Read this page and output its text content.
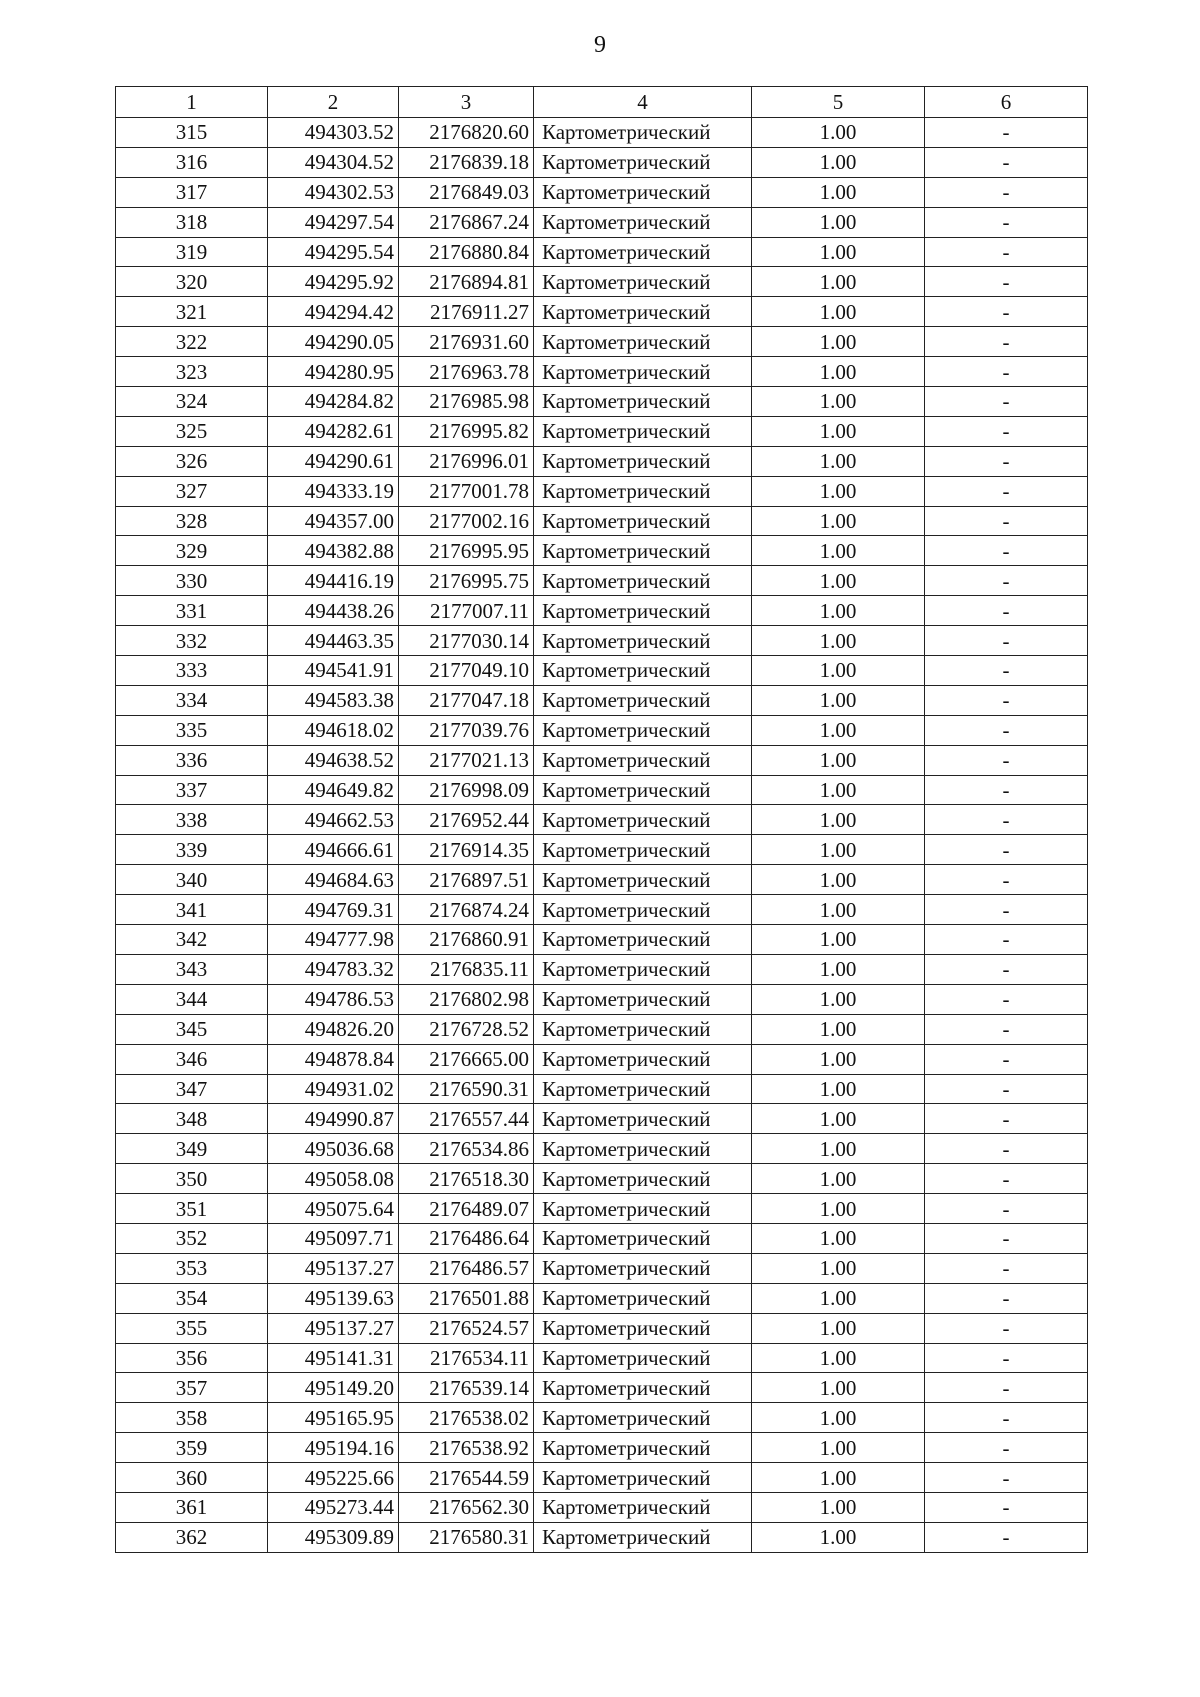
9
1	2	3	4	5	6
315	494303.52	2176820.60	Картометрический	1.00	-
316	494304.52	2176839.18	Картометрический	1.00	-
317	494302.53	2176849.03	Картометрический	1.00	-
318	494297.54	2176867.24	Картометрический	1.00	-
319	494295.54	2176880.84	Картометрический	1.00	-
320	494295.92	2176894.81	Картометрический	1.00	-
321	494294.42	2176911.27	Картометрический	1.00	-
322	494290.05	2176931.60	Картометрический	1.00	-
323	494280.95	2176963.78	Картометрический	1.00	-
324	494284.82	2176985.98	Картометрический	1.00	-
325	494282.61	2176995.82	Картометрический	1.00	-
326	494290.61	2176996.01	Картометрический	1.00	-
327	494333.19	2177001.78	Картометрический	1.00	-
328	494357.00	2177002.16	Картометрический	1.00	-
329	494382.88	2176995.95	Картометрический	1.00	-
330	494416.19	2176995.75	Картометрический	1.00	-
331	494438.26	2177007.11	Картометрический	1.00	-
332	494463.35	2177030.14	Картометрический	1.00	-
333	494541.91	2177049.10	Картометрический	1.00	-
334	494583.38	2177047.18	Картометрический	1.00	-
335	494618.02	2177039.76	Картометрический	1.00	-
336	494638.52	2177021.13	Картометрический	1.00	-
337	494649.82	2176998.09	Картометрический	1.00	-
338	494662.53	2176952.44	Картометрический	1.00	-
339	494666.61	2176914.35	Картометрический	1.00	-
340	494684.63	2176897.51	Картометрический	1.00	-
341	494769.31	2176874.24	Картометрический	1.00	-
342	494777.98	2176860.91	Картометрический	1.00	-
343	494783.32	2176835.11	Картометрический	1.00	-
344	494786.53	2176802.98	Картометрический	1.00	-
345	494826.20	2176728.52	Картометрический	1.00	-
346	494878.84	2176665.00	Картометрический	1.00	-
347	494931.02	2176590.31	Картометрический	1.00	-
348	494990.87	2176557.44	Картометрический	1.00	-
349	495036.68	2176534.86	Картометрический	1.00	-
350	495058.08	2176518.30	Картометрический	1.00	-
351	495075.64	2176489.07	Картометрический	1.00	-
352	495097.71	2176486.64	Картометрический	1.00	-
353	495137.27	2176486.57	Картометрический	1.00	-
354	495139.63	2176501.88	Картометрический	1.00	-
355	495137.27	2176524.57	Картометрический	1.00	-
356	495141.31	2176534.11	Картометрический	1.00	-
357	495149.20	2176539.14	Картометрический	1.00	-
358	495165.95	2176538.02	Картометрический	1.00	-
359	495194.16	2176538.92	Картометрический	1.00	-
360	495225.66	2176544.59	Картометрический	1.00	-
361	495273.44	2176562.30	Картометрический	1.00	-
362	495309.89	2176580.31	Картометрический	1.00	-
